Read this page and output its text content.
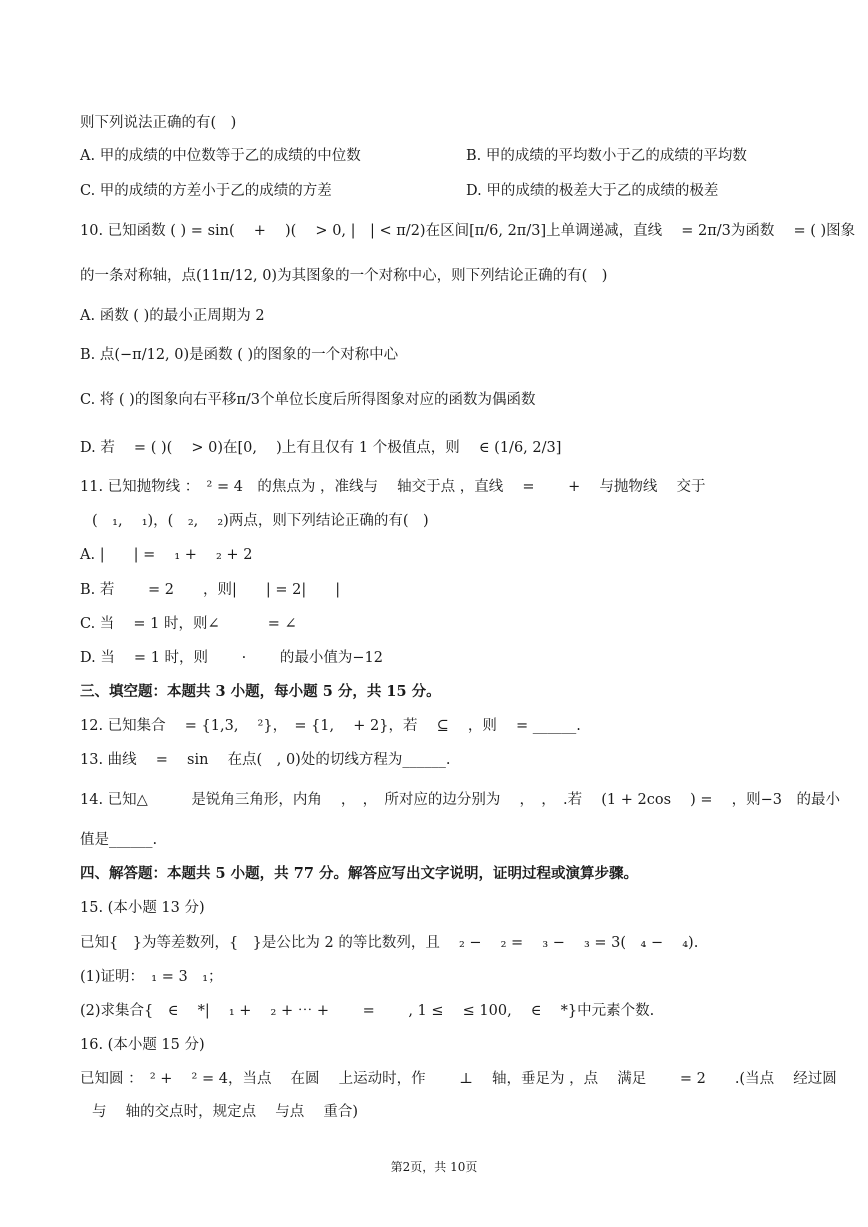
则下列说法正确的有(　)
A. 甲的成绩的中位数等于乙的成绩的中位数	B. 甲的成绩的平均数小于乙的成绩的平均数
C. 甲的成绩的方差小于乙的成绩的方差	D. 甲的成绩的极差大于乙的成绩的极差
10. 已知函数 ( ) = sin(　 + 　)(　 > 0, |　| < π/2)在区间[π/6, 2π/3]上单调递减，直线 　= 2π/3为函数 　= ( )图象
的一条对称轴，点(11π/12, 0)为其图象的一个对称中心，则下列结论正确的有(　)
A. 函数 ( )的最小正周期为 2
B. 点(−π/12, 0)是函数 ( )的图象的一个对称中心
C. 将 ( )的图象向右平移π/3个单位长度后所得图象对应的函数为偶函数
D. 若 　= ( )(　 > 0)在[0, 　)上有且仅有 1 个极值点，则 　∈ (1/6, 2/3]
11. 已知抛物线 ：　² = 4　的焦点为 ，准线与 　轴交于点 ，直线 　= 　　+ 　与抛物线 　交于
(　₁, 　₁)，(　₂, 　₂)两点，则下列结论正确的有(　)
A. |　　| = 　₁ + 　₂ + 2
B. 若 　　= 2　　，则|　　| = 2|　　|
C. 当 　= 1 时，则∠　　　 = ∠
D. 当 　= 1 时，则 　　· 　　的最小值为−12
三、填空题：本题共 3 小题，每小题 5 分，共 15 分。
12. 已知集合 　= {1,3, 　²}，　= {1, 　+ 2}，若 　⊆ 　，则 　= ______.
13. 曲线 　= 　sin 　在点(　, 0)处的切线方程为______.
14. 已知△　　　是锐角三角形，内角 　，　，　所对应的边分别为 　，　，　.若 　(1 + 2cos 　) = 　，则−3　的最小
值是______.
四、解答题：本题共 5 小题，共 77 分。解答应写出文字说明，证明过程或演算步骤。
15. (本小题 13 分)
已知{　}为等差数列，{　}是公比为 2 的等比数列，且 　₂ − 　₂ = 　₃ − 　₃ = 3(　₄ − 　₄).
(1)证明：　₁ = 3　₁；
(2)求集合{　∈ 　*| 　₁ + 　₂ + ⋯ + 　　= 　　, 1 ≤ 　≤ 100, 　∈ 　*}中元素个数.
16. (本小题 15 分)
已知圆 ：　² + 　² = 4，当点 　在圆 　上运动时，作 　　⊥ 　轴，垂足为 ，点 　满足 　　= 2　　.(当点 　经过圆
与 　轴的交点时，规定点 　与点 　重合)
第2页，共 10页
